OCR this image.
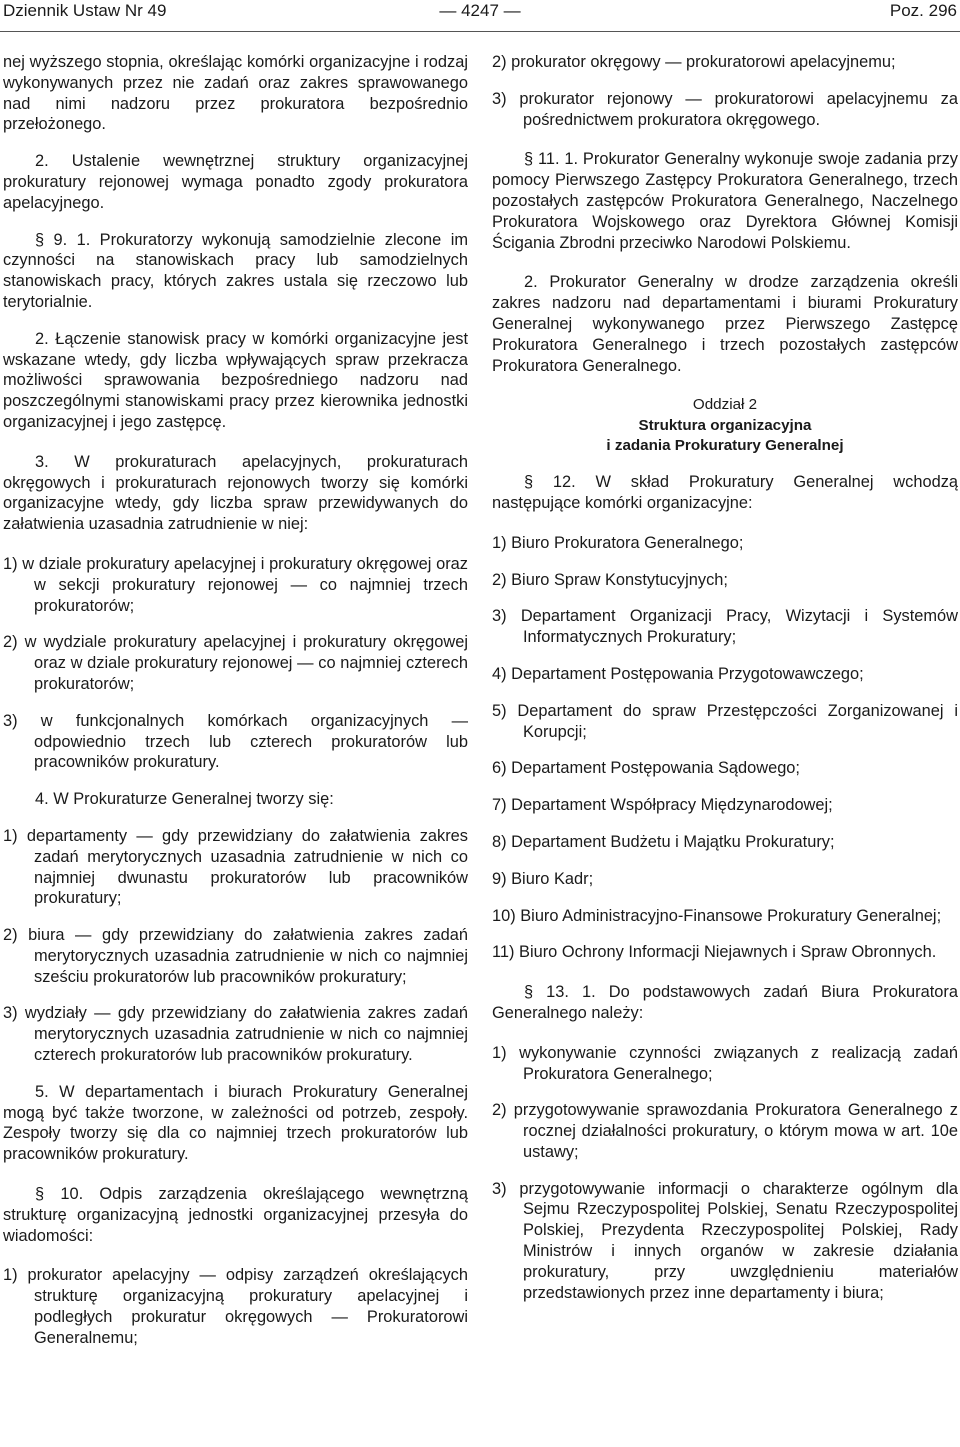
Dziennik Ustaw Nr 49	— 4247 —	Poz. 296

nej wyższego stopnia, określając komórki organizacyjne i rodzaj wykonywanych przez nie zadań oraz zakres sprawowanego nad nimi nadzoru przez prokuratora bezpośrednio przełożonego.

2. Ustalenie wewnętrznej struktury organizacyjnej prokuratury rejonowej wymaga ponadto zgody prokuratora apelacyjnego.

§ 9. 1. Prokuratorzy wykonują samodzielnie zlecone im czynności na stanowiskach pracy lub samodzielnych stanowiskach pracy, których zakres ustala się rzeczowo lub terytorialnie.

2. Łączenie stanowisk pracy w komórki organizacyjne jest wskazane wtedy, gdy liczba wpływających spraw przekracza możliwości sprawowania bezpośredniego nadzoru nad poszczególnymi stanowiskami pracy przez kierownika jednostki organizacyjnej i jego zastępcę.

3. W prokuraturach apelacyjnych, prokuraturach okręgowych i prokuraturach rejonowych tworzy się komórki organizacyjne wtedy, gdy liczba spraw przewidywanych do załatwienia uzasadnia zatrudnienie w niej:

1) w dziale prokuratury apelacyjnej i prokuratury okręgowej oraz w sekcji prokuratury rejonowej — co najmniej trzech prokuratorów;

2) w wydziale prokuratury apelacyjnej i prokuratury okręgowej oraz w dziale prokuratury rejonowej — co najmniej czterech prokuratorów;

3) w funkcjonalnych komórkach organizacyjnych — odpowiednio trzech lub czterech prokuratorów lub pracowników prokuratury.

4. W Prokuraturze Generalnej tworzy się:

1) departamenty — gdy przewidziany do załatwienia zakres zadań merytorycznych uzasadnia zatrudnienie w nich co najmniej dwunastu prokuratorów lub pracowników prokuratury;

2) biura — gdy przewidziany do załatwienia zakres zadań merytorycznych uzasadnia zatrudnienie w nich co najmniej sześciu prokuratorów lub pracowników prokuratury;

3) wydziały — gdy przewidziany do załatwienia zakres zadań merytorycznych uzasadnia zatrudnienie w nich co najmniej czterech prokuratorów lub pracowników prokuratury.

5. W departamentach i biurach Prokuratury Generalnej mogą być także tworzone, w zależności od potrzeb, zespoły. Zespoły tworzy się dla co najmniej trzech prokuratorów lub pracowników prokuratury.

§ 10. Odpis zarządzenia określającego wewnętrzną strukturę organizacyjną jednostki organizacyjnej przesyła do wiadomości:

1) prokurator apelacyjny — odpisy zarządzeń określających strukturę organizacyjną prokuratury apelacyjnej i podległych prokuratur okręgowych — Prokuratorowi Generalnemu;

2) prokurator okręgowy — prokuratorowi apelacyjnemu;

3) prokurator rejonowy — prokuratorowi apelacyjnemu za pośrednictwem prokuratora okręgowego.

§ 11. 1. Prokurator Generalny wykonuje swoje zadania przy pomocy Pierwszego Zastępcy Prokuratora Generalnego, trzech pozostałych zastępców Prokuratora Generalnego, Naczelnego Prokuratora Wojskowego oraz Dyrektora Głównej Komisji Ścigania Zbrodni przeciwko Narodowi Polskiemu.

2. Prokurator Generalny w drodze zarządzenia określi zakres nadzoru nad departamentami i biurami Prokuratury Generalnej wykonywanego przez Pierwszego Zastępcę Prokuratora Generalnego i trzech pozostałych zastępców Prokuratora Generalnego.

Oddział 2

Struktura organizacyjna

i zadania Prokuratury Generalnej

§ 12. W skład Prokuratury Generalnej wchodzą następujące komórki organizacyjne:

1) Biuro Prokuratora Generalnego;

2) Biuro Spraw Konstytucyjnych;

3) Departament Organizacji Pracy, Wizytacji i Systemów Informatycznych Prokuratury;

4) Departament Postępowania Przygotowawczego;

5) Departament do spraw Przestępczości Zorganizowanej i Korupcji;

6) Departament Postępowania Sądowego;

7) Departament Współpracy Międzynarodowej;

8) Departament Budżetu i Majątku Prokuratury;

9) Biuro Kadr;

10) Biuro Administracyjno-Finansowe Prokuratury Generalnej;

11) Biuro Ochrony Informacji Niejawnych i Spraw Obronnych.

§ 13. 1. Do podstawowych zadań Biura Prokuratora Generalnego należy:

1) wykonywanie czynności związanych z realizacją zadań Prokuratora Generalnego;

2) przygotowywanie sprawozdania Prokuratora Generalnego z rocznej działalności prokuratury, o którym mowa w art. 10e ustawy;

3) przygotowywanie informacji o charakterze ogólnym dla Sejmu Rzeczypospolitej Polskiej, Senatu Rzeczypospolitej Polskiej, Prezydenta Rzeczypospolitej Polskiej, Rady Ministrów i innych organów w zakresie działania prokuratury, przy uwzględnieniu materiałów przedstawionych przez inne departamenty i biura;
